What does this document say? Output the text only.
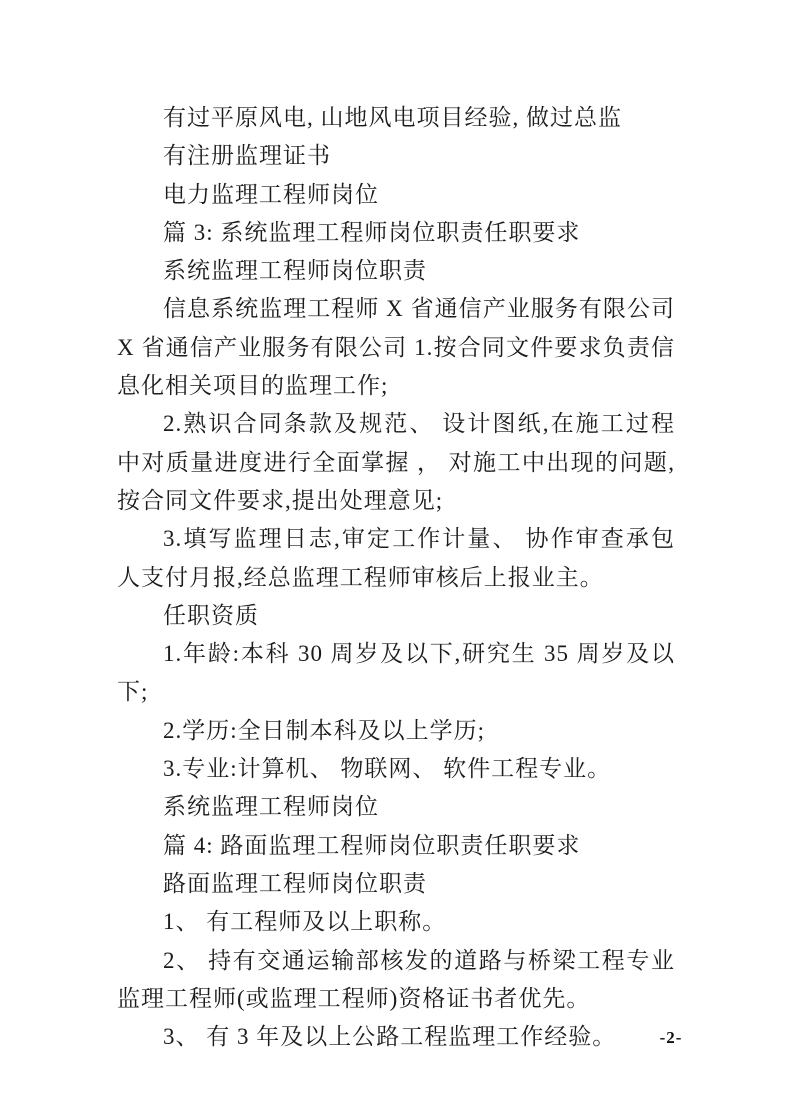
有过平原风电, 山地风电项目经验, 做过总监

有注册监理证书

电力监理工程师岗位

篇 3: 系统监理工程师岗位职责任职要求

系统监理工程师岗位职责

信息系统监理工程师 X 省通信产业服务有限公司 X 省通信产业服务有限公司 1.按合同文件要求负责信息化相关项目的监理工作;

2.熟识合同条款及规范、 设计图纸,在施工过程中对质量进度进行全面掌握 ， 对施工中出现的问题,按合同文件要求,提出处理意见;

3.填写监理日志,审定工作计量、 协作审查承包人支付月报,经总监理工程师审核后上报业主。

任职资质

1.年龄:本科 30 周岁及以下,研究生 35 周岁及以下;

2.学历:全日制本科及以上学历;

3.专业:计算机、 物联网、 软件工程专业。

系统监理工程师岗位

篇 4: 路面监理工程师岗位职责任职要求

路面监理工程师岗位职责

1、 有工程师及以上职称。

2、 持有交通运输部核发的道路与桥梁工程专业监理工程师(或监理工程师)资格证书者优先。

3、 有 3 年及以上公路工程监理工作经验。	-2-
